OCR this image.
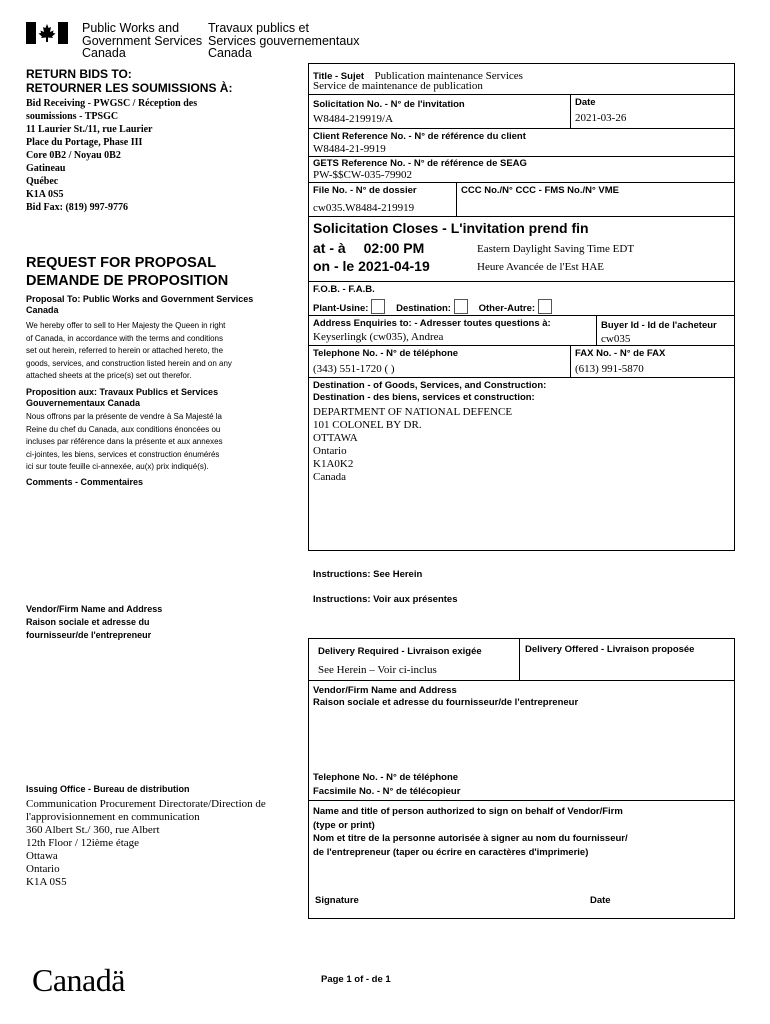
Public Works and
Government Services
Canada
Travaux publics et
Services gouvernementaux
Canada
RETURN BIDS TO:
RETOURNER LES SOUMISSIONS À:
Bid Receiving - PWGSC / Réception des
soumissions - TPSGC
11 Laurier St./11, rue Laurier
Place du Portage, Phase III
Core 0B2 / Noyau 0B2
Gatineau
Québec
K1A 0S5
Bid Fax: (819) 997-9776
REQUEST FOR PROPOSAL
DEMANDE DE PROPOSITION
Proposal To: Public Works and Government Services Canada
We hereby offer to sell to Her Majesty the Queen in right
of Canada, in accordance with the terms and conditions
set out herein, referred to herein or attached hereto, the
goods, services, and construction listed herein and on any
attached sheets at the price(s) set out therefor.
Proposition aux: Travaux Publics et Services
Gouvernementaux Canada
Nous offrons par la présente de vendre à Sa Majesté la
Reine du chef du Canada, aux conditions énoncées ou
incluses par référence dans la présente et aux annexes
ci-jointes, les biens, services et construction énumérés
ici sur toute feuille ci-annexée, au(x) prix indiqué(s).
Comments - Commentaires
Vendor/Firm Name and Address
Raison sociale et adresse du
fournisseur/de l'entrepreneur
Issuing Office - Bureau de distribution
Communication Procurement Directorate/Direction de
l'approvisionnement en communication
360 Albert St./ 360, rue Albert
12th Floor / 12ième étage
Ottawa
Ontario
K1A 0S5
Canadä
Title - Sujet Publication maintenance Services
Service de maintenance de publication
Solicitation No. - N° de l'invitation
W8484-219919/A
Date
2021-03-26
Client Reference No. - N° de référence du client
W8484-21-9919
GETS Reference No. - N° de référence de SEAG
PW-$$CW-035-79902
File No. - N° de dossier
cw035.W8484-219919
CCC No./N° CCC - FMS No./N° VME
Solicitation Closes - L'invitation prend fin
at - à 02:00 PM
on - le 2021-04-19
Eastern Daylight Saving Time EDT
Heure Avancée de l'Est HAE
F.O.B. - F.A.B.
Plant-Usine:	Destination:	Other-Autre:
Address Enquiries to: - Adresser toutes questions à:
Keyserlingk (cw035), Andrea
Buyer Id - Id de l'acheteur
cw035
Telephone No. - N° de téléphone
(343) 551-1720 ( )
FAX No. - N° de FAX
(613) 991-5870
Destination - of Goods, Services, and Construction:
Destination - des biens, services et construction:
DEPARTMENT OF NATIONAL DEFENCE
101 COLONEL BY DR.
OTTAWA
Ontario
K1A0K2
Canada
Instructions: See Herein
Instructions: Voir aux présentes
Delivery Required - Livraison exigée
See Herein – Voir ci-inclus
Delivery Offered - Livraison proposée
Vendor/Firm Name and Address
Raison sociale et adresse du fournisseur/de l'entrepreneur
Telephone No. - N° de téléphone
Facsimile No. - N° de télécopieur
Name and title of person authorized to sign on behalf of Vendor/Firm
(type or print)
Nom et titre de la personne autorisée à signer au nom du fournisseur/
de l'entrepreneur (taper ou écrire en caractères d'imprimerie)
Signature	Date
Page 1 of - de 1
